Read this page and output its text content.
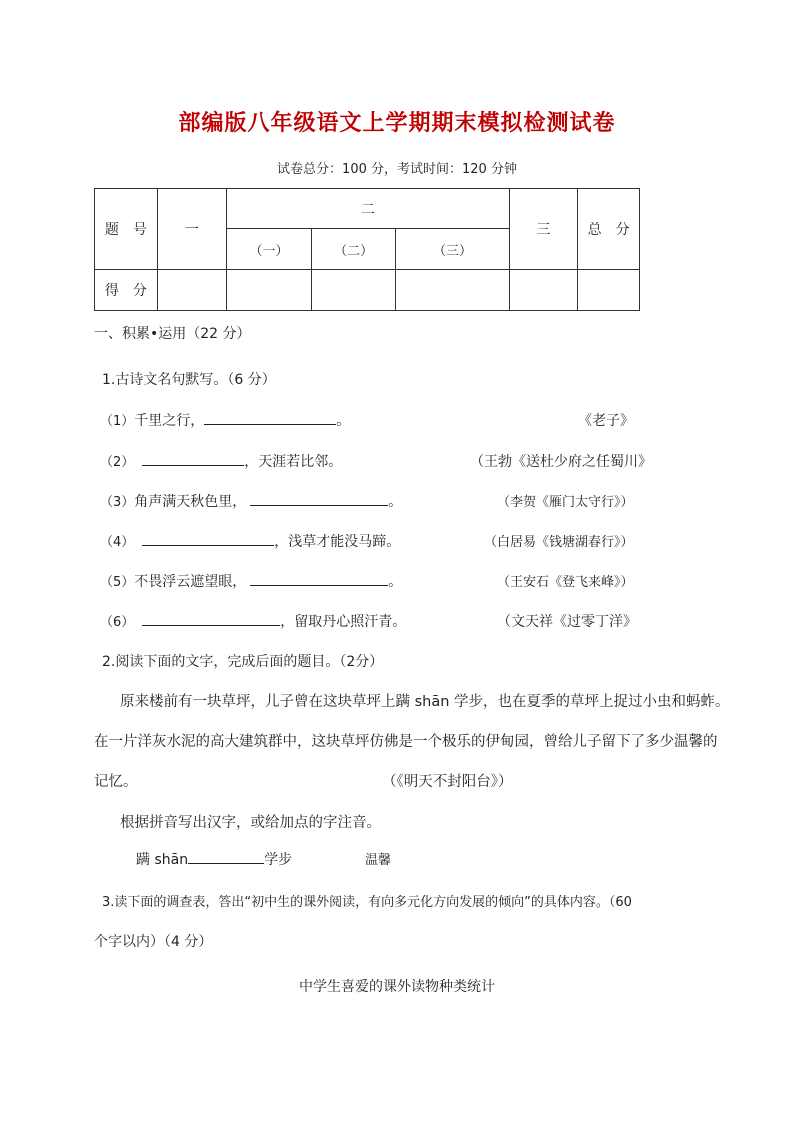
部编版八年级语文上学期期末模拟检测试卷
试卷总分：100 分，考试时间：120 分钟
题　号	一	二			三	总　分
		（一）	（二）	（三）		
得　分						
一、积累•运用（22 分）
1.古诗文名句默写。（6 分）
（1）千里之行，	。	《老子》
（2）	，天涯若比邻。	（王勃《送杜少府之任蜀川》
（3）角声满天秋色里，	。	（李贺《雁门太守行》）
（4）	，浅草才能没马蹄。	（白居易《钱塘湖春行》）
（5）不畏浮云遮望眼，	。	（王安石《登飞来峰》）
（6）	，留取丹心照汗青。	（文天祥《过零丁洋》
2.阅读下面的文字，完成后面的题目。（2分）
原来楼前有一块草坪，儿子曾在这块草坪上蹒 shān 学步，也在夏季的草坪上捉过小虫和蚂蚱。
在一片洋灰水泥的高大建筑群中，这块草坪仿佛是一个极乐的伊甸园，曾给儿子留下了多少温馨的
记忆。	（《明天不封阳台》）
根据拼音写出汉字，或给加点的字注音。
蹒 shān	学步	温馨
3.读下面的调查表，答出“初中生的课外阅读，有向多元化方向发展的倾向”的具体内容。（60
个字以内）（4 分）
中学生喜爱的课外读物种类统计
